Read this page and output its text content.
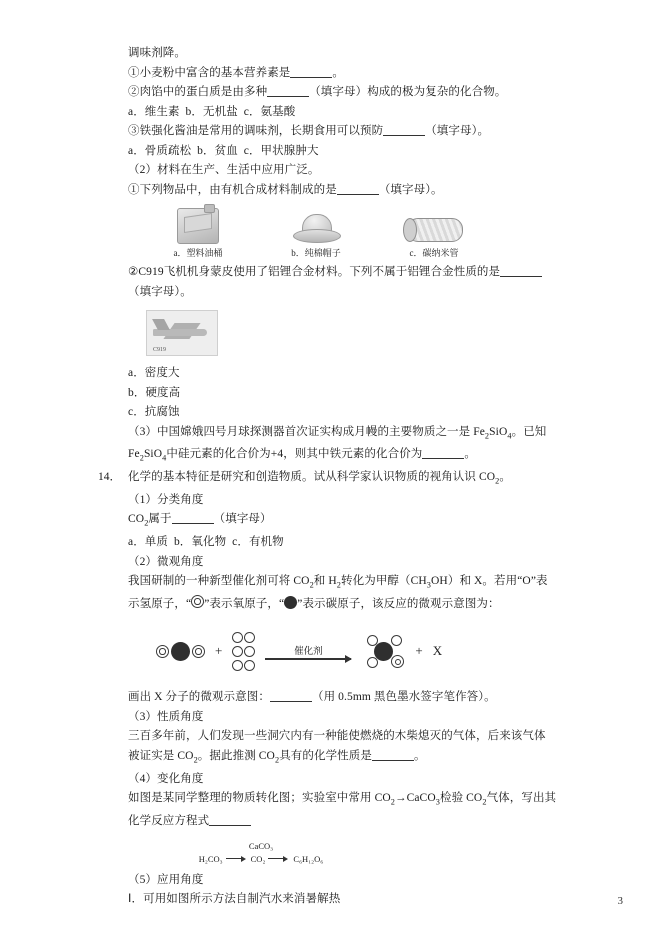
调味剂降。
①小麦粉中富含的基本营养素是	。
②肉馅中的蛋白质是由多种	（填字母）构成的极为复杂的化合物。
a．维生素  b．无机盐  c．氨基酸
③铁强化酱油是常用的调味剂，长期食用可以预防	（填字母）。
a．骨质疏松  b．贫血  c．甲状腺肿大
（2）材料在生产、生活中应用广泛。
①下列物品中，由有机合成材料制成的是	（填字母）。
a．塑料油桶	b．纯棉帽子	c．碳纳米管
②C919飞机机身蒙皮使用了铝锂合金材料。下列不属于铝锂合金性质的是
（填字母）。
C919
a．密度大
b．硬度高
c．抗腐蚀
（3）中国嫦娥四号月球探测器首次证实构成月幔的主要物质之一是 $Fe_2SiO_4$。已知
$Fe_2SiO_4$中硅元素的化合价为+4，则其中铁元素的化合价为	。
14． 化学的基本特征是研究和创造物质。试从科学家认识物质的视角认识 $CO_2$。
（1）分类角度
$CO_2$属于	（填字母）
a．单质  b．氧化物  c．有机物
（2）微观角度
我国研制的一种新型催化剂可将 $CO_2$和 $H_2$转化为甲醇$(CH_3OH)$和 X。若用“O”表
示氢原子，“ ”表示氧原子，“ ”表示碳原子，该反应的微观示意图为：
+	催化剂	+ X
画出 X 分子的微观示意图：	（用 0.5mm 黑色墨水签字笔作答）。
（3）性质角度
三百多年前，人们发现一些洞穴内有一种能使燃烧的木柴熄灭的气体，后来该气体
被证实是 $CO_2$。据此推测 $CO_2$具有的化学性质是	。
（4）变化角度
如图是某同学整理的物质转化图；实验室中常用 $CO_2\to CaCO_3$检验 $CO_2$气体，写出其
化学反应方程式
CaCO₃
H₂CO₃	CO₂	C₆H₁₂O₆
（5）应用角度
Ⅰ．可用如图所示方法自制汽水来消暑解热	3
